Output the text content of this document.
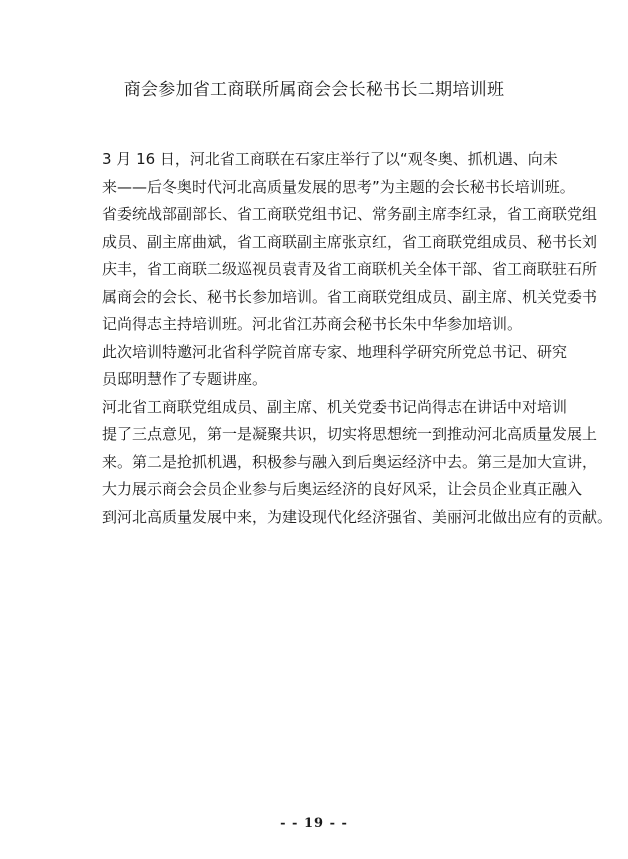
商会参加省工商联所属商会会长秘书长二期培训班

3 月 16 日，河北省工商联在石家庄举行了以“观冬奥、抓机遇、向未
来——后冬奥时代河北高质量发展的思考”为主题的会长秘书长培训班。
省委统战部副部长、省工商联党组书记、常务副主席李红录，省工商联党组
成员、副主席曲斌，省工商联副主席张京红，省工商联党组成员、秘书长刘
庆丰，省工商联二级巡视员袁青及省工商联机关全体干部、省工商联驻石所
属商会的会长、秘书长参加培训。省工商联党组成员、副主席、机关党委书
记尚得志主持培训班。河北省江苏商会秘书长朱中华参加培训。

此次培训特邀河北省科学院首席专家、地理科学研究所党总书记、研究
员邸明慧作了专题讲座。

河北省工商联党组成员、副主席、机关党委书记尚得志在讲话中对培训
提了三点意见，第一是凝聚共识，切实将思想统一到推动河北高质量发展上
来。第二是抢抓机遇，积极参与融入到后奥运经济中去。第三是加大宣讲，
大力展示商会会员企业参与后奥运经济的良好风采，让会员企业真正融入
到河北高质量发展中来，为建设现代化经济强省、美丽河北做出应有的贡献。

- - 19 - -
